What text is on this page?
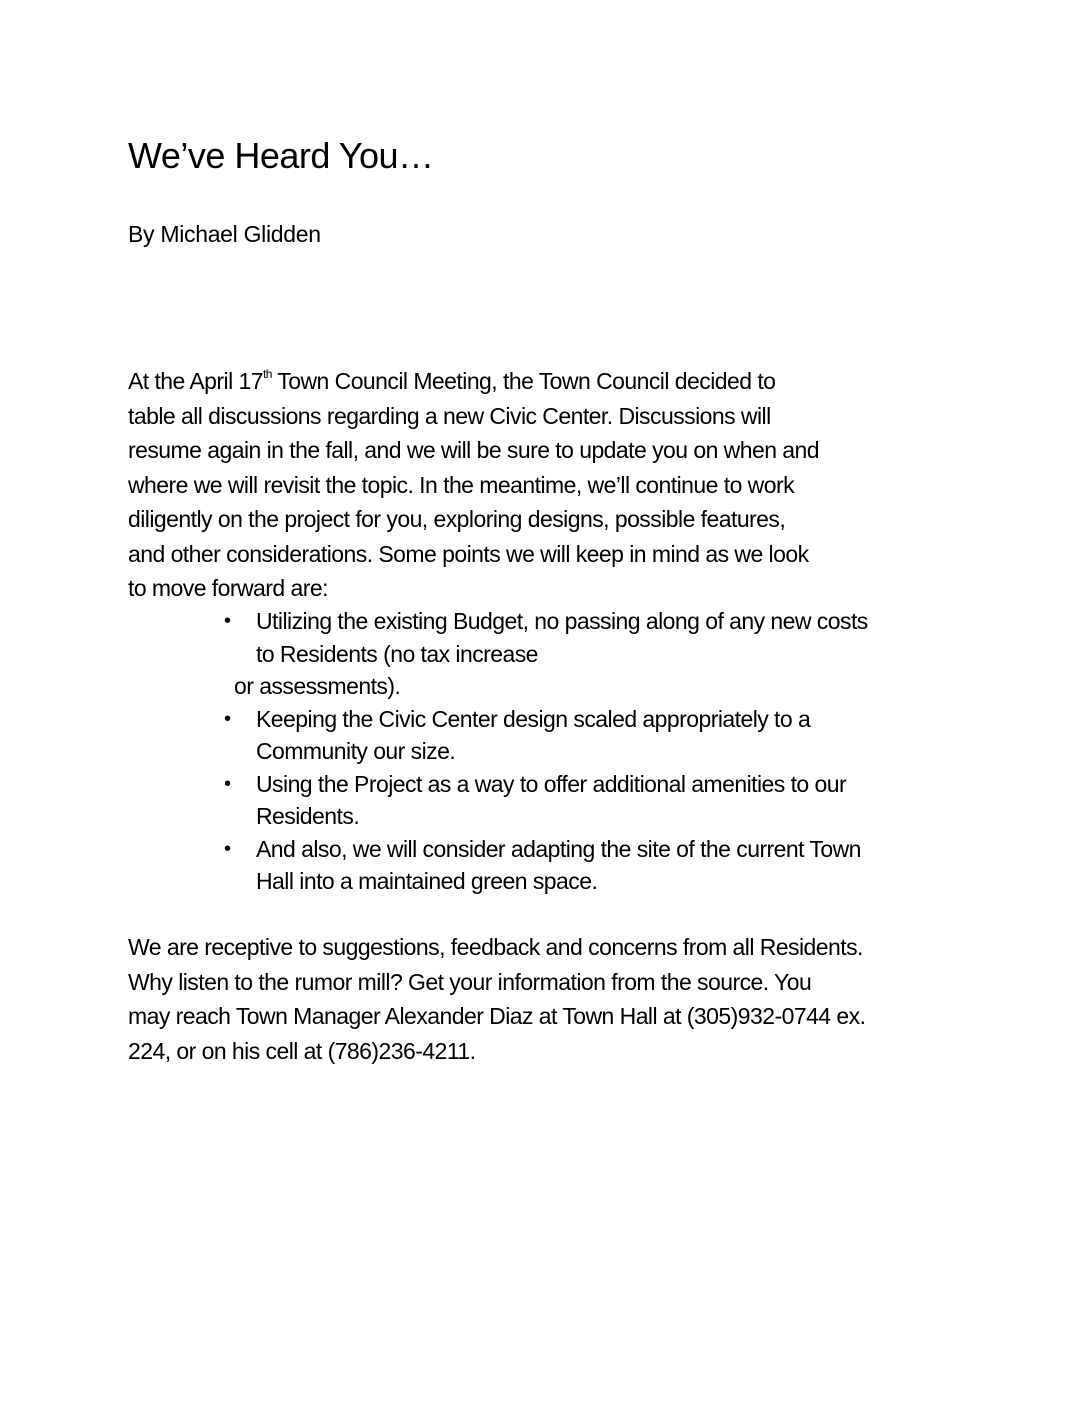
We’ve Heard You…

By Michael Glidden

At the April 17th Town Council Meeting, the Town Council decided to
table all discussions regarding a new Civic Center. Discussions will
resume again in the fall, and we will be sure to update you on when and
where we will revisit the topic. In the meantime, we’ll continue to work
diligently on the project for you, exploring designs, possible features,
and other considerations. Some points we will keep in mind as we look
to move forward are:

• Utilizing the existing Budget, no passing along of any new costs
to Residents (no tax increase
or assessments).
• Keeping the Civic Center design scaled appropriately to a
Community our size.
• Using the Project as a way to offer additional amenities to our
Residents.
• And also, we will consider adapting the site of the current Town
Hall into a maintained green space.

We are receptive to suggestions, feedback and concerns from all Residents.
Why listen to the rumor mill? Get your information from the source. You
may reach Town Manager Alexander Diaz at Town Hall at (305)932-0744 ex.
224, or on his cell at (786)236-4211.
